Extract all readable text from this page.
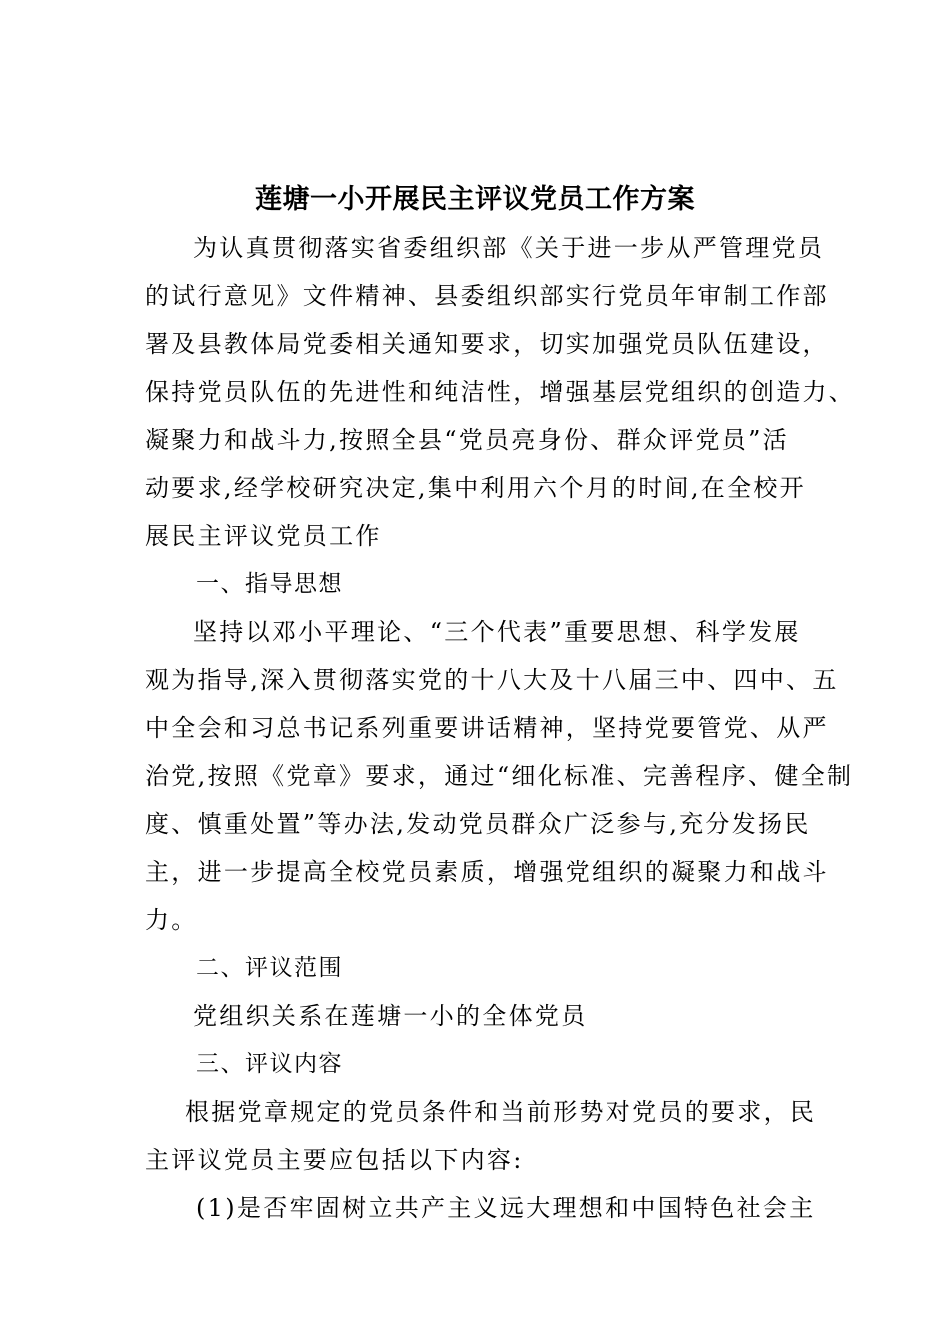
莲塘一小开展民主评议党员工作方案
为认真贯彻落实省委组织部《关于进一步从严管理党员
的试行意见》文件精神、县委组织部实行党员年审制工作部
署及县教体局党委相关通知要求，切实加强党员队伍建设，
保持党员队伍的先进性和纯洁性，增强基层党组织的创造力、
凝聚力和战斗力,按照全县“党员亮身份、群众评党员”活
动要求,经学校研究决定,集中利用六个月的时间,在全校开
展民主评议党员工作
一、指导思想
坚持以邓小平理论、“三个代表”重要思想、科学发展
观为指导,深入贯彻落实党的十八大及十八届三中、四中、五
中全会和习总书记系列重要讲话精神，坚持党要管党、从严
治党,按照《党章》要求，通过“细化标准、完善程序、健全制
度、慎重处置”等办法,发动党员群众广泛参与,充分发扬民
主，进一步提高全校党员素质，增强党组织的凝聚力和战斗
力。
二、评议范围
党组织关系在莲塘一小的全体党员
三、评议内容
根据党章规定的党员条件和当前形势对党员的要求，民
主评议党员主要应包括以下内容:
(1)是否牢固树立共产主义远大理想和中国特色社会主
